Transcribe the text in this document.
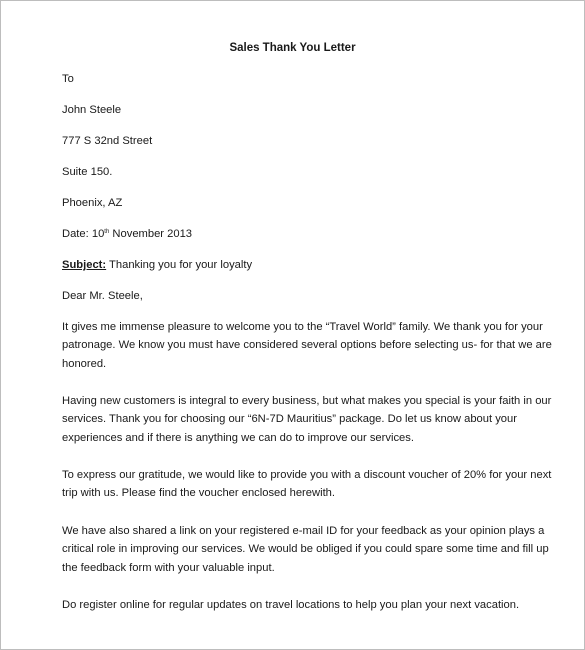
Sales Thank You Letter
To
John Steele
777 S 32nd Street
Suite 150.
Phoenix, AZ
Date: 10th November 2013
Subject: Thanking you for your loyalty
Dear Mr. Steele,
It gives me immense pleasure to welcome you to the “Travel World” family. We thank you for your
patronage. We know you must have considered several options before selecting us- for that we are
honored.
Having new customers is integral to every business, but what makes you special is your faith in our
services. Thank you for choosing our “6N-7D Mauritius” package. Do let us know about your
experiences and if there is anything we can do to improve our services.
To express our gratitude, we would like to provide you with a discount voucher of 20% for your next
trip with us. Please find the voucher enclosed herewith.
We have also shared a link on your registered e-mail ID for your feedback as your opinion plays a
critical role in improving our services. We would be obliged if you could spare some time and fill up
the feedback form with your valuable input.
Do register online for regular updates on travel locations to help you plan your next vacation.
